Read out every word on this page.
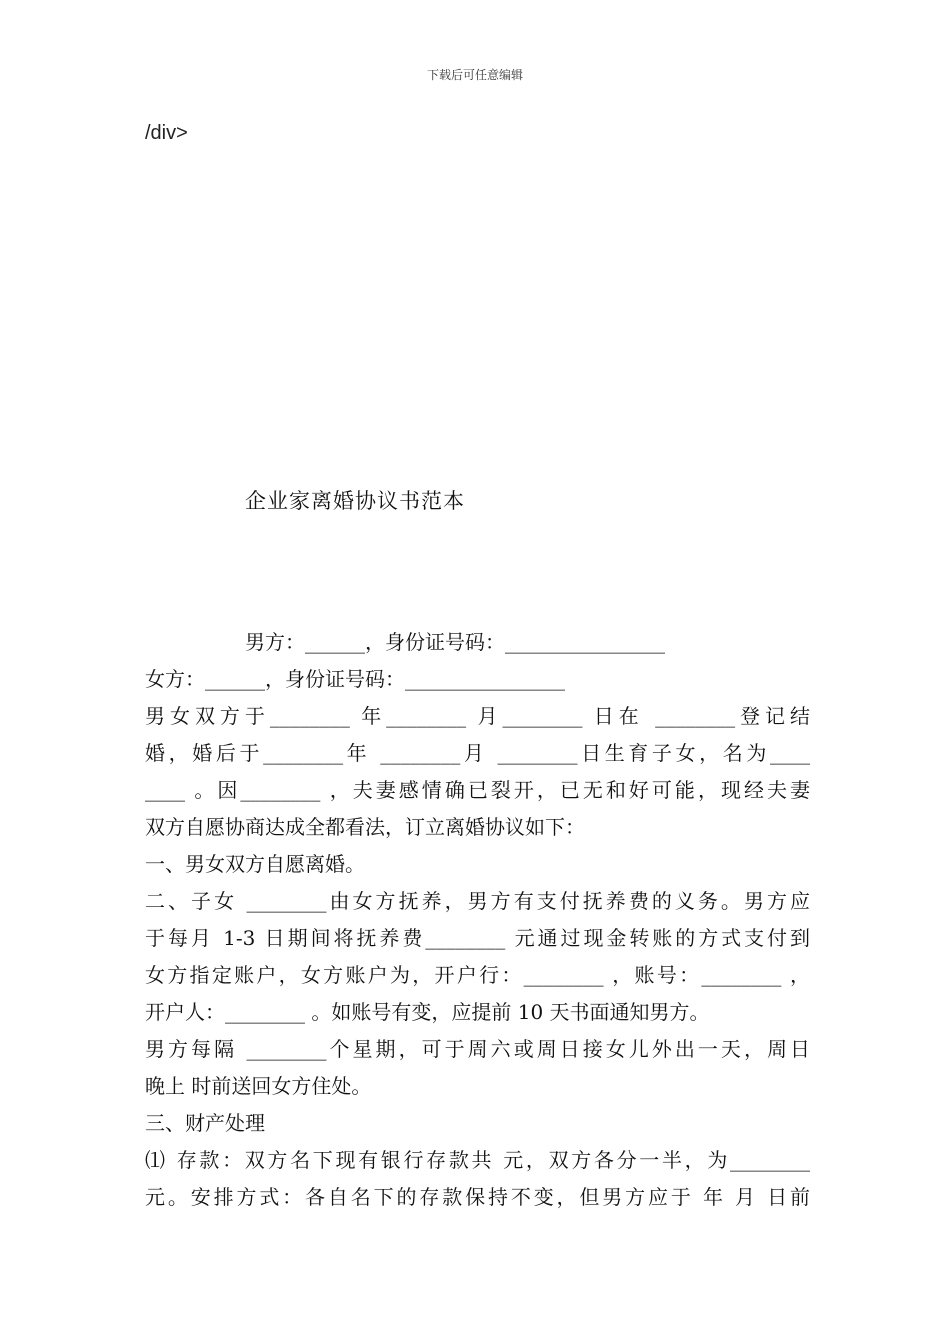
下载后可任意编辑
/div>
企业家离婚协议书范本

男方：______，身份证号码：________________

女方：______，身份证号码：________________

男女双方于________ 年________ 月________ 日在 ________登记结

婚，婚后于________年 ________月 ________日生育子女，名为____

____ 。因________ ，夫妻感情确已裂开，已无和好可能，现经夫妻

双方自愿协商达成全都看法，订立离婚协议如下：

一、男女双方自愿离婚。

二、子女 ________由女方抚养，男方有支付抚养费的义务。男方应

于每月 1-3 日期间将抚养费________ 元通过现金转账的方式支付到

女方指定账户，女方账户为，开户行：________ ，账号：________ ，

开户人：________ 。如账号有变，应提前 10 天书面通知男方。

男方每隔 ________个星期，可于周六或周日接女儿外出一天，周日

晚上 时前送回女方住处。

三、财产处理

⑴ 存款：双方名下现有银行存款共 元，双方各分一半，为________

元。安排方式：各自名下的存款保持不变，但男方应于 年 月 日前
